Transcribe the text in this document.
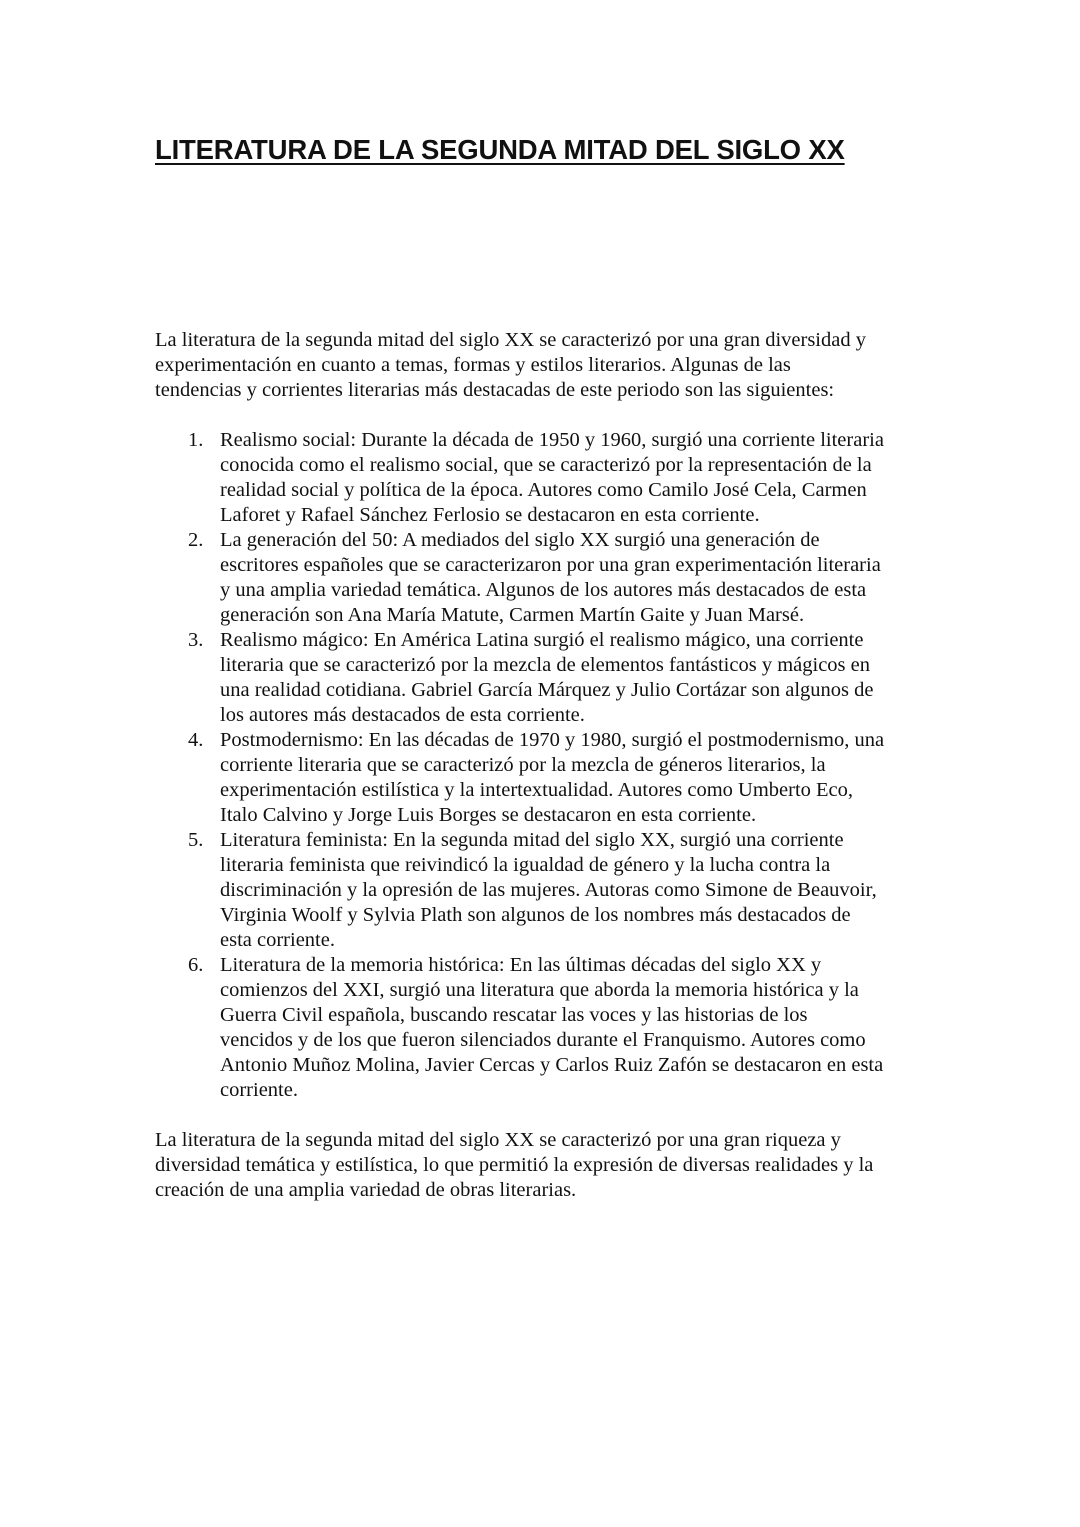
LITERATURA DE LA SEGUNDA MITAD DEL SIGLO XX
La literatura de la segunda mitad del siglo XX se caracterizó por una gran diversidad y
experimentación en cuanto a temas, formas y estilos literarios. Algunas de las
tendencias y corrientes literarias más destacadas de este periodo son las siguientes:
1. Realismo social: Durante la década de 1950 y 1960, surgió una corriente literaria
conocida como el realismo social, que se caracterizó por la representación de la
realidad social y política de la época. Autores como Camilo José Cela, Carmen
Laforet y Rafael Sánchez Ferlosio se destacaron en esta corriente.
2. La generación del 50: A mediados del siglo XX surgió una generación de
escritores españoles que se caracterizaron por una gran experimentación literaria
y una amplia variedad temática. Algunos de los autores más destacados de esta
generación son Ana María Matute, Carmen Martín Gaite y Juan Marsé.
3. Realismo mágico: En América Latina surgió el realismo mágico, una corriente
literaria que se caracterizó por la mezcla de elementos fantásticos y mágicos en
una realidad cotidiana. Gabriel García Márquez y Julio Cortázar son algunos de
los autores más destacados de esta corriente.
4. Postmodernismo: En las décadas de 1970 y 1980, surgió el postmodernismo, una
corriente literaria que se caracterizó por la mezcla de géneros literarios, la
experimentación estilística y la intertextualidad. Autores como Umberto Eco,
Italo Calvino y Jorge Luis Borges se destacaron en esta corriente.
5. Literatura feminista: En la segunda mitad del siglo XX, surgió una corriente
literaria feminista que reivindicó la igualdad de género y la lucha contra la
discriminación y la opresión de las mujeres. Autoras como Simone de Beauvoir,
Virginia Woolf y Sylvia Plath son algunos de los nombres más destacados de
esta corriente.
6. Literatura de la memoria histórica: En las últimas décadas del siglo XX y
comienzos del XXI, surgió una literatura que aborda la memoria histórica y la
Guerra Civil española, buscando rescatar las voces y las historias de los
vencidos y de los que fueron silenciados durante el Franquismo. Autores como
Antonio Muñoz Molina, Javier Cercas y Carlos Ruiz Zafón se destacaron en esta
corriente.
La literatura de la segunda mitad del siglo XX se caracterizó por una gran riqueza y
diversidad temática y estilística, lo que permitió la expresión de diversas realidades y la
creación de una amplia variedad de obras literarias.
